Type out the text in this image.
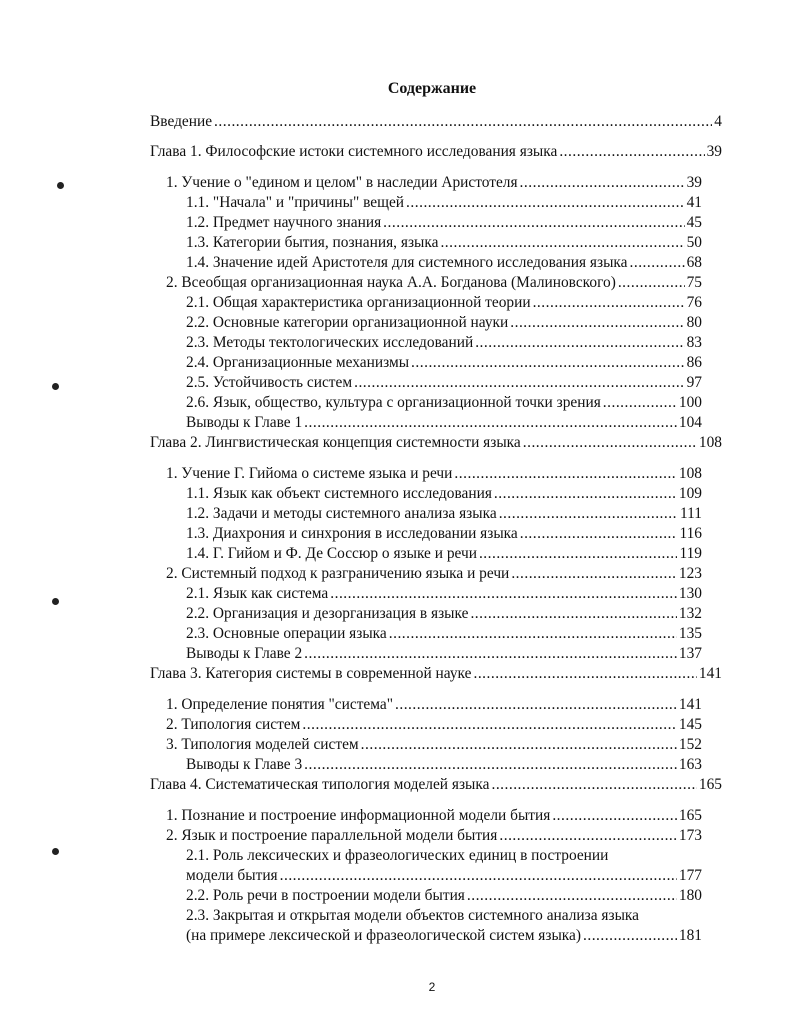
Содержание
Введение .....	4
Глава 1. Философские истоки системного исследования языка .....	39
1. Учение о "едином и целом" в наследии Аристотеля .....	39
1.1. "Начала" и "причины" вещей .....	41
1.2. Предмет научного знания .....	45
1.3. Категории бытия, познания, языка .....	50
1.4. Значение идей Аристотеля для системного исследования языка .....	68
2. Всеобщая организационная наука А.А. Богданова (Малиновского) .....	75
2.1. Общая характеристика организационной теории .....	76
2.2. Основные категории организационной науки .....	80
2.3. Методы тектологических исследований .....	83
2.4. Организационные механизмы .....	86
2.5. Устойчивость систем .....	97
2.6. Язык, общество, культура с организационной точки зрения .....	100
Выводы к Главе 1 .....	104
Глава 2. Лингвистическая концепция системности языка .....	108
1. Учение Г. Гийома о системе языка и речи .....	108
1.1. Язык как объект системного исследования .....	109
1.2. Задачи и методы системного анализа языка .....	111
1.3. Диахрония и синхрония в исследовании языка .....	116
1.4. Г. Гийом и Ф. Де Соссюр о языке и речи .....	119
2. Системный подход к разграничению языка и речи .....	123
2.1. Язык как система .....	130
2.2. Организация и дезорганизация в языке .....	132
2.3. Основные операции языка .....	135
Выводы к Главе 2 .....	137
Глава 3. Категория системы в современной науке .....	141
1. Определение понятия "система" .....	141
2. Типология систем .....	145
3. Типология моделей систем .....	152
Выводы к Главе 3 .....	163
Глава 4. Систематическая типология моделей языка .....	165
1. Познание и построение информационной модели бытия .....	165
2. Язык и построение параллельной модели бытия .....	173
2.1. Роль лексических и фразеологических единиц в построении
модели бытия .....	177
2.2. Роль речи в построении модели бытия .....	180
2.3. Закрытая и открытая модели объектов системного анализа языка
(на примере лексической и фразеологической систем языка) .....	181
2
